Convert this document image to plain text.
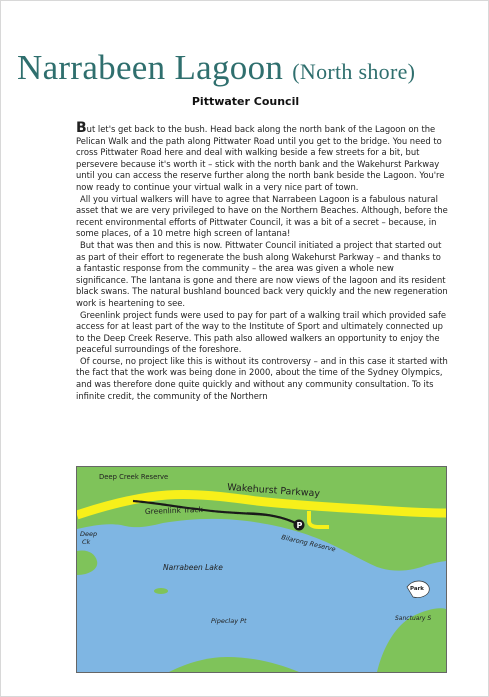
Narrabeen Lagoon (North shore)
Pittwater Council

But let's get back to the bush. Head back along the north bank of the Lagoon on the Pelican Walk and the path along Pittwater Road until you get to the bridge. You need to cross Pittwater Road here and deal with walking beside a few streets for a bit, but persevere because it's worth it – stick with the north bank and the Wakehurst Parkway until you can access the reserve further along the north bank beside the Lagoon. You're now ready to continue your virtual walk in a very nice part of town.

All you virtual walkers will have to agree that Narrabeen Lagoon is a fabulous natural asset that we are very privileged to have on the Northern Beaches. Although, before the recent environmental efforts of Pittwater Council, it was a bit of a secret – because, in some places, of a 10 metre high screen of lantana!

But that was then and this is now. Pittwater Council initiated a project that started out as part of their effort to regenerate the bush along Wakehurst Parkway – and thanks to a fantastic response from the community – the area was given a whole new significance. The lantana is gone and there are now views of the lagoon and its resident black swans. The natural bushland bounced back very quickly and the new regeneration work is heartening to see.

Greenlink project funds were used to pay for part of a walking trail which provided safe access for at least part of the way to the Institute of Sport and ultimately connected up to the Deep Creek Reserve. This path also allowed walkers an opportunity to enjoy the peaceful surroundings of the foreshore.

Of course, no project like this is without its controversy – and in this case it started with the fact that the work was being done in 2000, about the time of the Sydney Olympics, and was therefore done quite quickly and without any community consultation. To its infinite credit, the community of the Northern

P
Deep Creek Reserve
Wakehurst Parkway
Greenlink Track
Bilarong Reserve
Deep
Ck
Narrabeen Lake
Pipeclay Pt
Park
Sanctuary S
